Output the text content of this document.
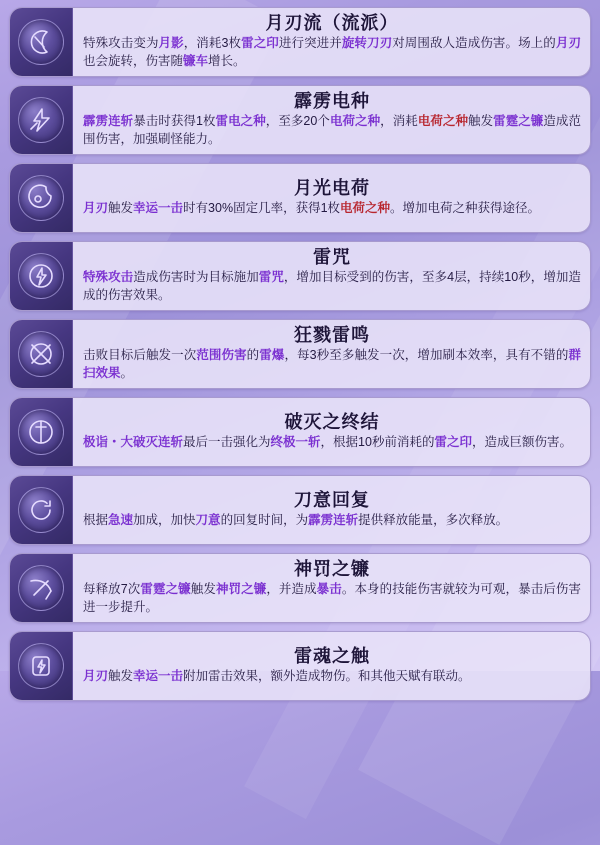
月刃流（流派）
特殊攻击变为月影，消耗3枚雷之印进行突进并旋转刀刃对周围敌人造成伤害。场上的月刃也会旋转，伤害随镰车增长。
霹雳电种
霹雳连斩暴击时获得1枚雷电之种，至多20个电荷之种，消耗电荷之种触发雷霆之镰造成范围伤害，加强刷怪能力。
月光电荷
月刃触发幸运一击时有30%固定几率，获得1枚电荷之种。增加电荷之种获得途径。
雷咒
特殊攻击造成伤害时为目标施加雷咒，增加目标受到的伤害，至多4层，持续10秒，增加造成的伤害效果。
狂戮雷鸣
击败目标后触发一次范围伤害的雷爆，每3秒至多触发一次，增加刷本效率，具有不错的群扫效果。
破灭之终结
极诣・大破灭连斩最后一击强化为终极一斩，根据10秒前消耗的雷之印，造成巨额伤害。
刀意回复
根据急速加成，加快刀意的回复时间，为霹雳连斩提供释放能量，多次释放。
神罚之镰
每释放7次雷霆之镰触发神罚之镰，并造成暴击。本身的技能伤害就较为可观，暴击后伤害进一步提升。
雷魂之触
月刃触发幸运一击附加雷击效果，额外造成物伤。和其他天赋有联动。
